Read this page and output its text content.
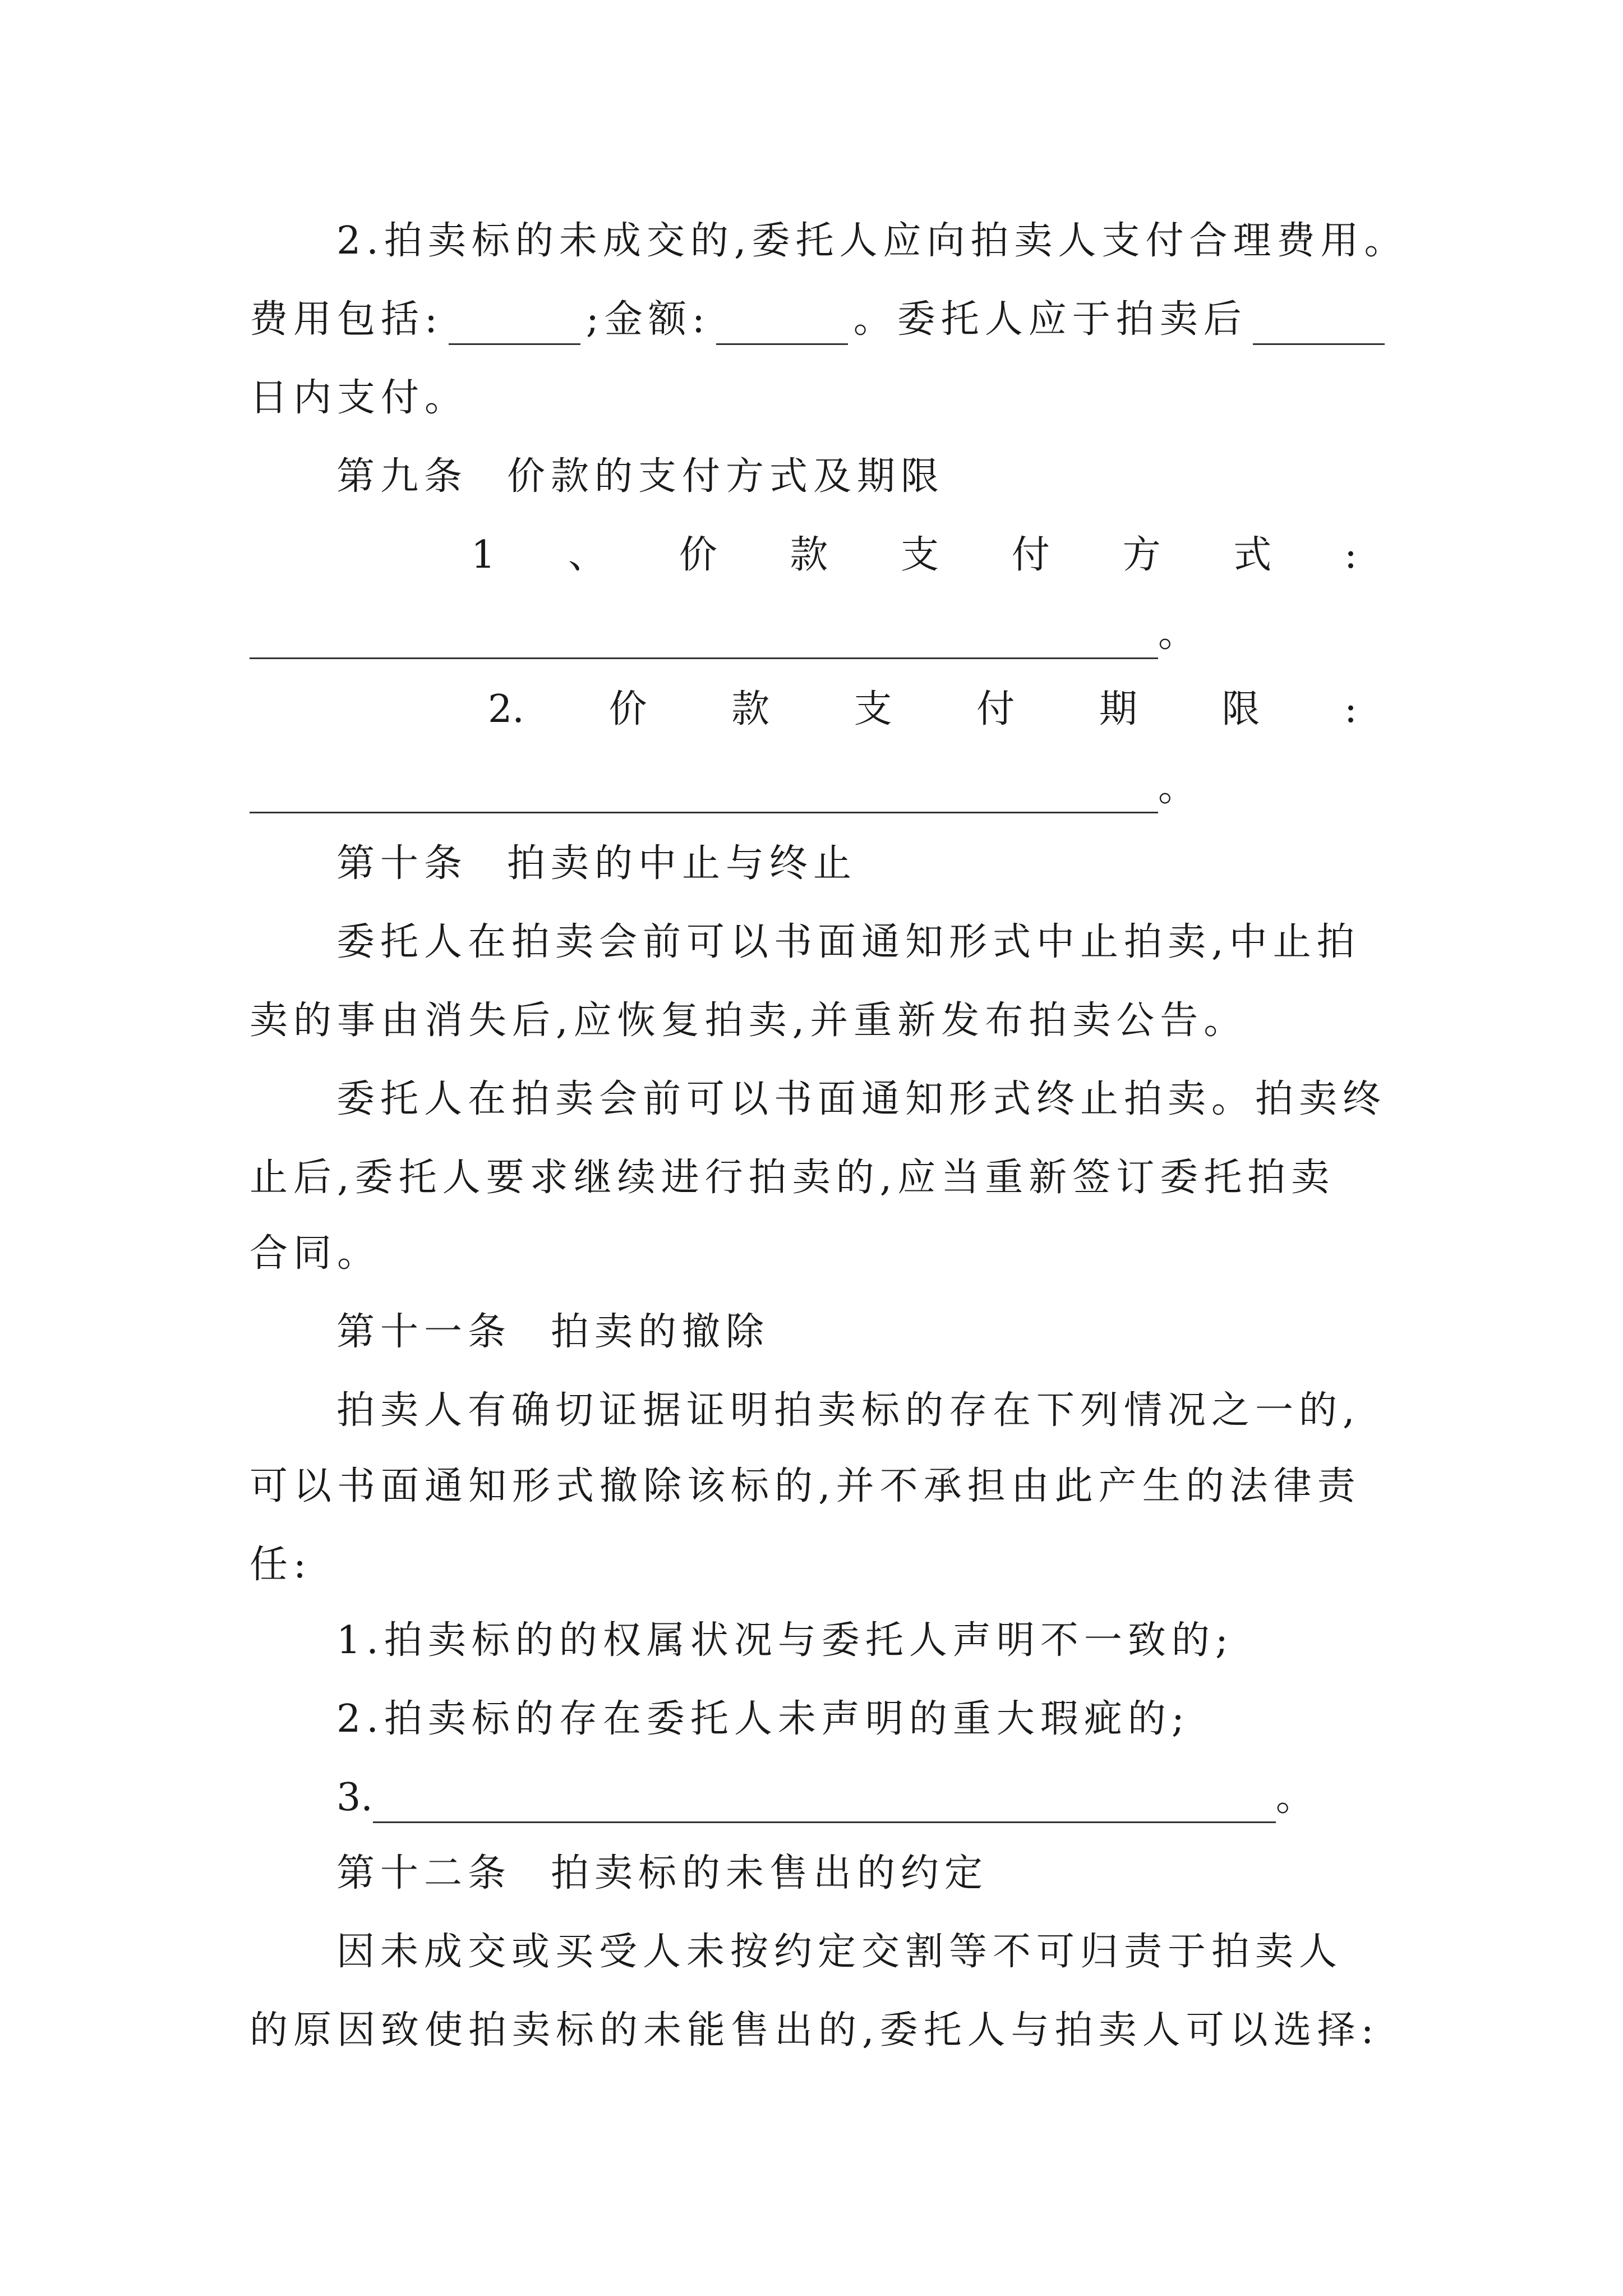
2.拍卖标的未成交的,委托人应向拍卖人支付合理费用。
费用包括:	;金额:	。委托人应于拍卖后
日内支付。
第九条 价款的支付方式及期限
1 、 价 款 支 付 方 式 :
。
2. 价 款 支 付 期 限 :
。
第十条 拍卖的中止与终止
委托人在拍卖会前可以书面通知形式中止拍卖,中止拍
卖的事由消失后,应恢复拍卖,并重新发布拍卖公告。
委托人在拍卖会前可以书面通知形式终止拍卖。拍卖终
止后,委托人要求继续进行拍卖的,应当重新签订委托拍卖
合同。
第十一条 拍卖的撤除
拍卖人有确切证据证明拍卖标的存在下列情况之一的,
可以书面通知形式撤除该标的,并不承担由此产生的法律责
任:
1.拍卖标的的权属状况与委托人声明不一致的;
2.拍卖标的存在委托人未声明的重大瑕疵的;
3.	。
第十二条 拍卖标的未售出的约定
因未成交或买受人未按约定交割等不可归责于拍卖人
的原因致使拍卖标的未能售出的,委托人与拍卖人可以选择:
